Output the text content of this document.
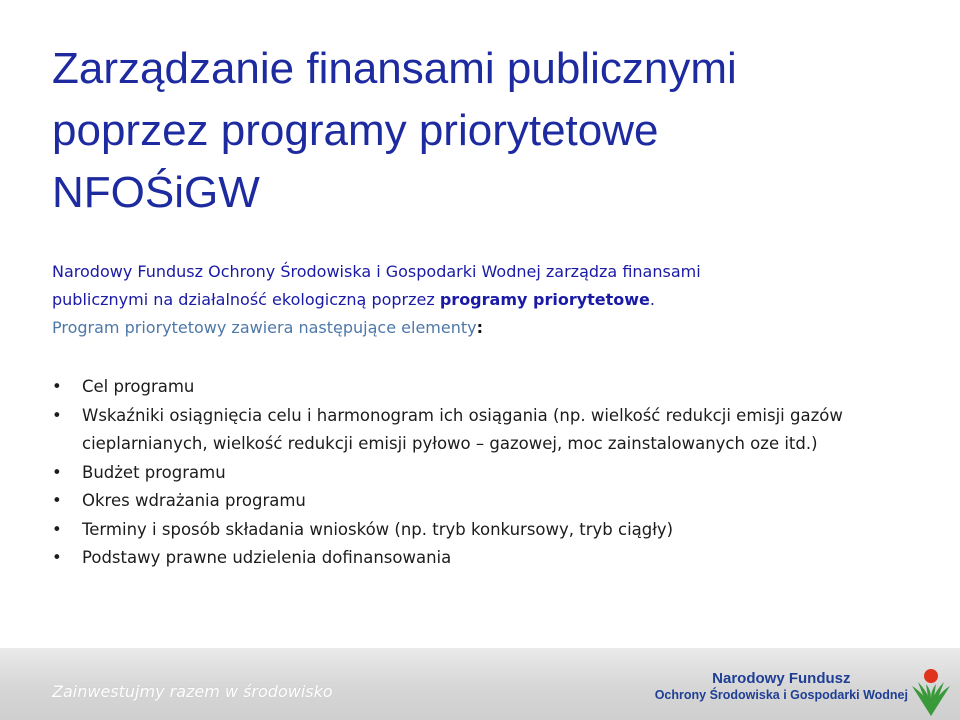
Zarządzanie finansami publicznymi
poprzez programy priorytetowe
NFOŚiGW
Narodowy Fundusz Ochrony Środowiska i Gospodarki Wodnej zarządza finansami
publicznymi na działalność ekologiczną poprzez programy priorytetowe.
Program priorytetowy zawiera następujące elementy:
•	Cel programu
•	Wskaźniki osiągnięcia celu i harmonogram ich osiągania (np. wielkość redukcji emisji gazów cieplarnianych, wielkość redukcji emisji pyłowo – gazowej, moc zainstalowanych oze itd.)
•	Budżet programu
•	Okres wdrażania programu
•	Terminy i sposób składania wniosków (np. tryb konkursowy, tryb ciągły)
•	Podstawy prawne udzielenia dofinansowania
Zainwestujmy razem w środowisko
Narodowy Fundusz
Ochrony Środowiska i Gospodarki Wodnej
